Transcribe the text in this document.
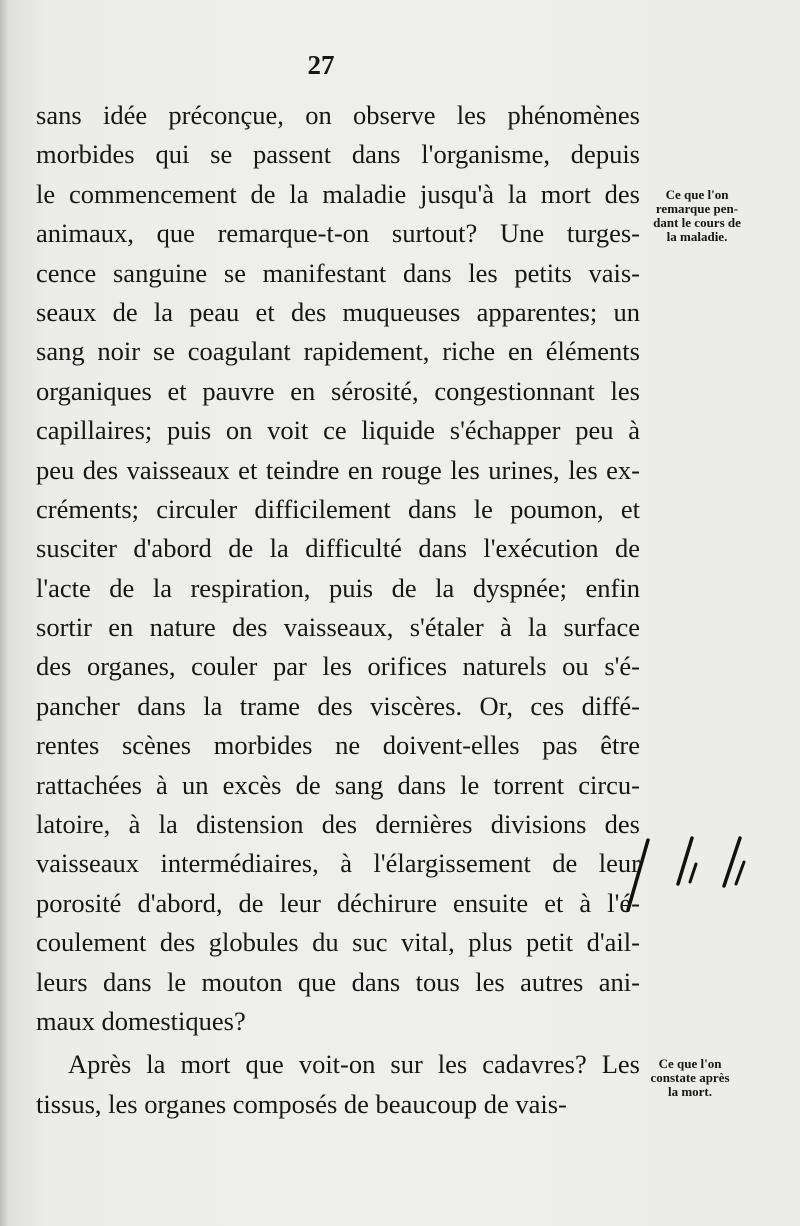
27
sans idée préconçue, on observe les phénomènes
morbides qui se passent dans l'organisme, depuis
le commencement de la maladie jusqu'à la mort des
animaux, que remarque-t-on surtout? Une turges-
cence sanguine se manifestant dans les petits vais-
seaux de la peau et des muqueuses apparentes; un
sang noir se coagulant rapidement, riche en éléments
organiques et pauvre en sérosité, congestionnant les
capillaires; puis on voit ce liquide s'échapper peu à
peu des vaisseaux et teindre en rouge les urines, les ex-
créments; circuler difficilement dans le poumon, et
susciter d'abord de la difficulté dans l'exécution de
l'acte de la respiration, puis de la dyspnée; enfin
sortir en nature des vaisseaux, s'étaler à la surface
des organes, couler par les orifices naturels ou s'é-
pancher dans la trame des viscères. Or, ces diffé-
rentes scènes morbides ne doivent-elles pas être
rattachées à un excès de sang dans le torrent circu-
latoire, à la distension des dernières divisions des
vaisseaux intermédiaires, à l'élargissement de leur
porosité d'abord, de leur déchirure ensuite et à l'é-
coulement des globules du suc vital, plus petit d'ail-
leurs dans le mouton que dans tous les autres ani-
maux domestiques?
Après la mort que voit-on sur les cadavres? Les
tissus, les organes composés de beaucoup de vais-
Ce que l'on
remarque pen-
dant le cours de
la maladie.
Ce que l'on
constate après
la mort.
